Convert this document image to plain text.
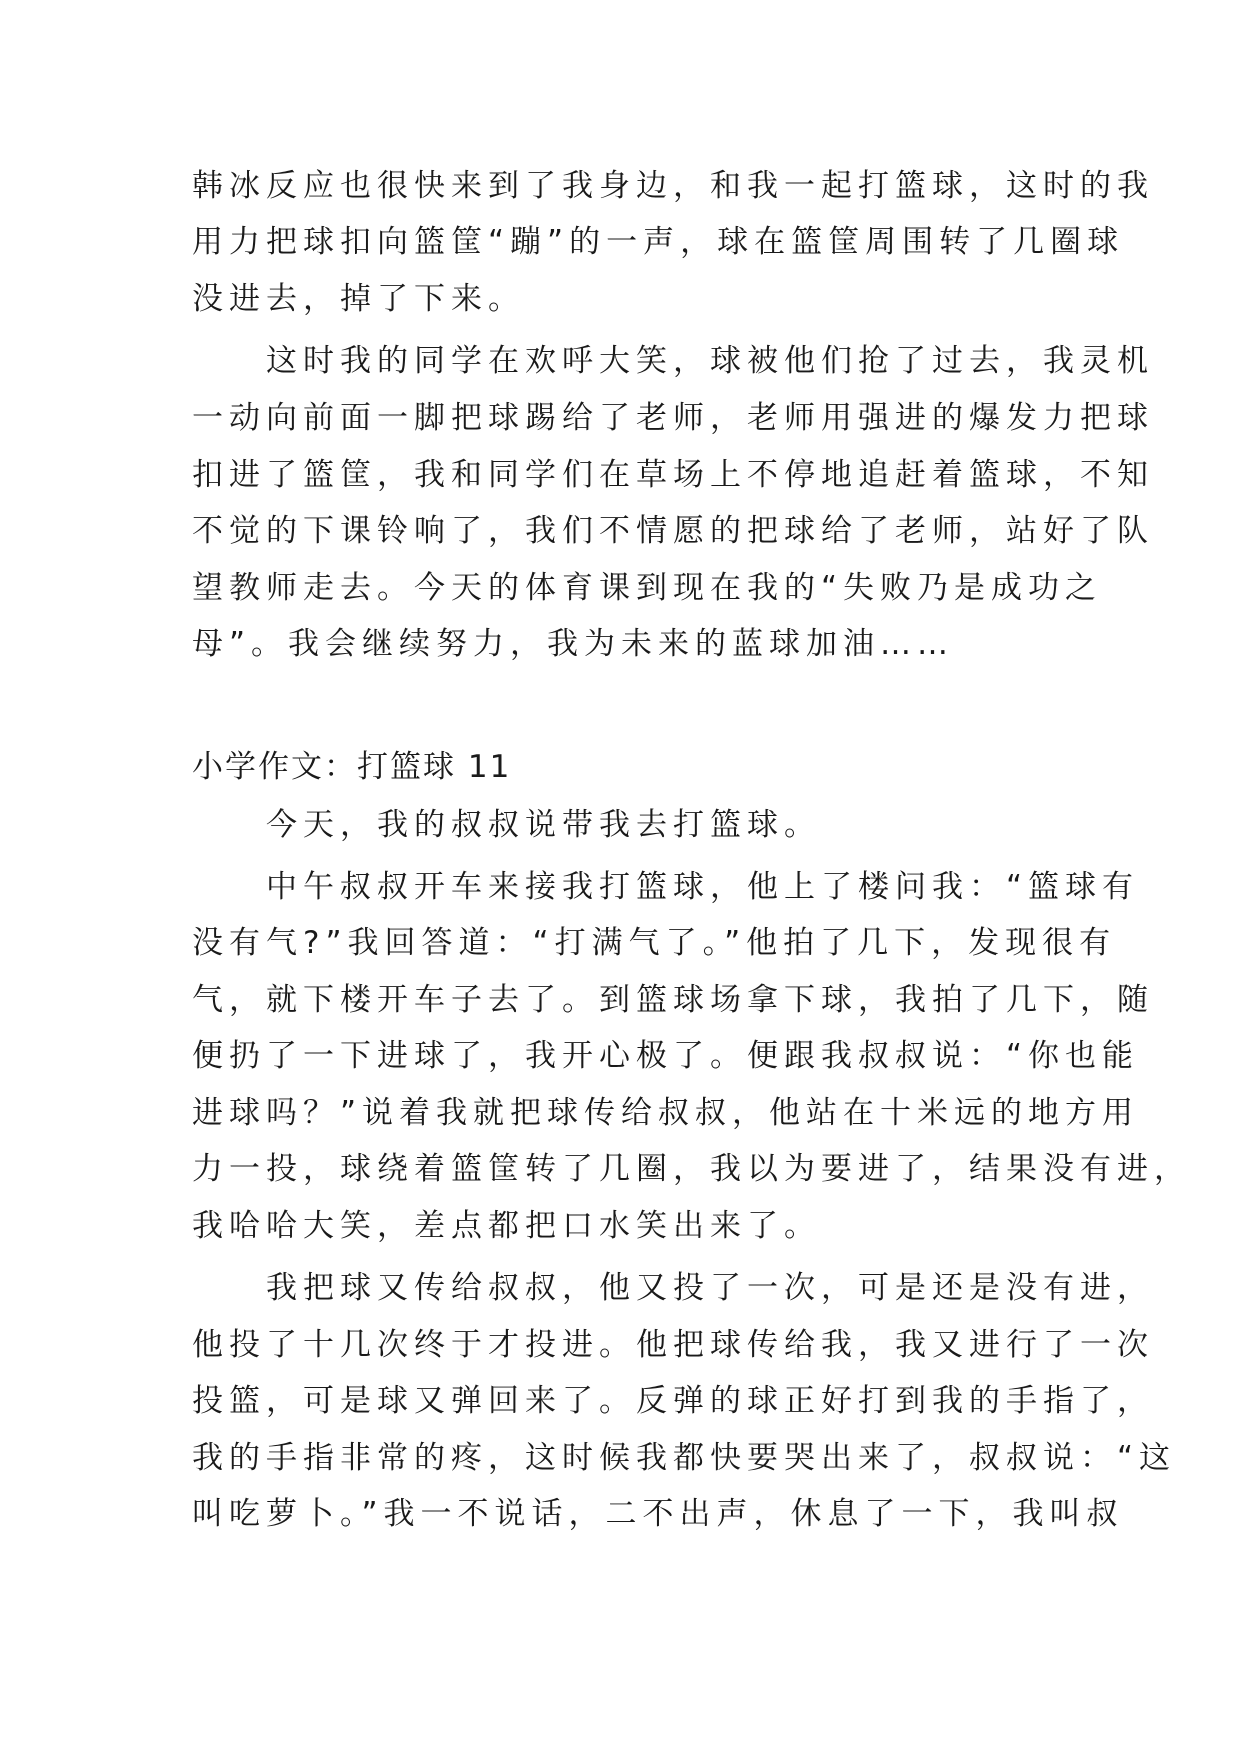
韩冰反应也很快来到了我身边，和我一起打篮球，这时的我
用力把球扣向篮筐“蹦”的一声，球在篮筐周围转了几圈球
没进去，掉了下来。
　　这时我的同学在欢呼大笑，球被他们抢了过去，我灵机
一动向前面一脚把球踢给了老师，老师用强进的爆发力把球
扣进了篮筐，我和同学们在草场上不停地追赶着篮球，不知
不觉的下课铃响了，我们不情愿的把球给了老师，站好了队
望教师走去。今天的体育课到现在我的“失败乃是成功之
母”。我会继续努力，我为未来的蓝球加油……
小学作文：打篮球 11
　　今天，我的叔叔说带我去打篮球。
　　中午叔叔开车来接我打篮球，他上了楼问我：“篮球有
没有气?”我回答道：“打满气了。”他拍了几下，发现很有
气，就下楼开车子去了。到篮球场拿下球，我拍了几下，随
便扔了一下进球了，我开心极了。便跟我叔叔说：“你也能
进球吗？”说着我就把球传给叔叔，他站在十米远的地方用
力一投，球绕着篮筐转了几圈，我以为要进了，结果没有进，
我哈哈大笑，差点都把口水笑出来了。
　　我把球又传给叔叔，他又投了一次，可是还是没有进，
他投了十几次终于才投进。他把球传给我，我又进行了一次
投篮，可是球又弹回来了。反弹的球正好打到我的手指了，
我的手指非常的疼，这时候我都快要哭出来了，叔叔说：“这
叫吃萝卜。”我一不说话，二不出声，休息了一下，我叫叔
